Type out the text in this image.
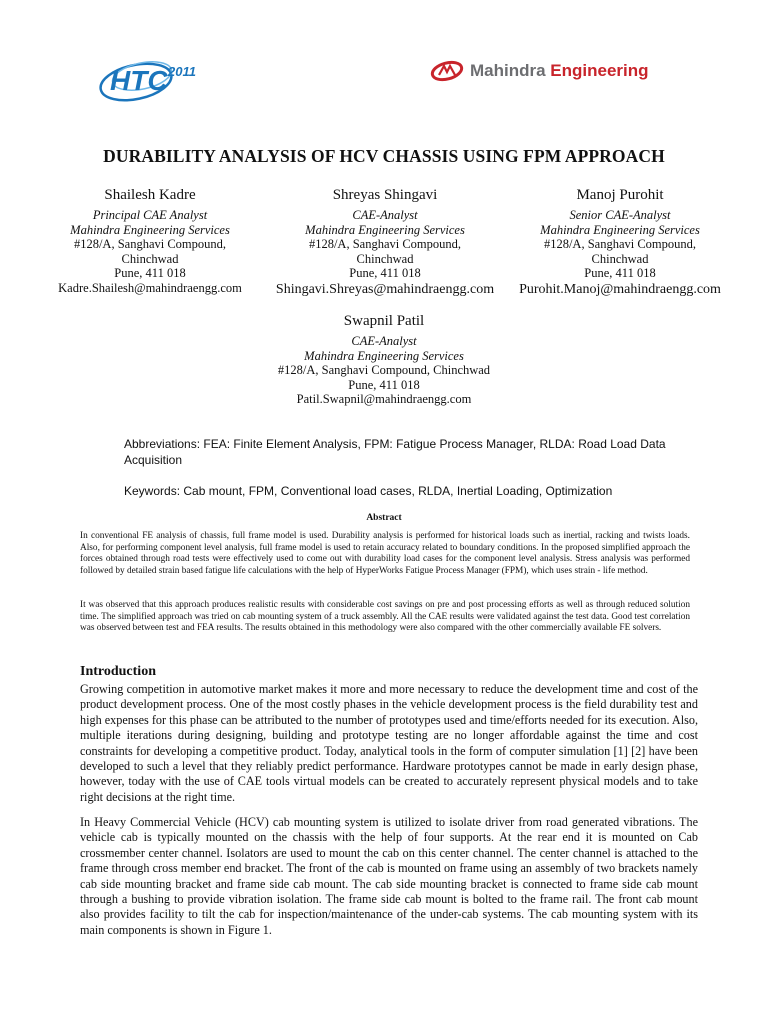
HTC 2011	Mahindra Engineering
DURABILITY ANALYSIS OF HCV CHASSIS USING FPM APPROACH
Shailesh Kadre
Principal CAE Analyst
Mahindra Engineering Services
#128/A, Sanghavi Compound,
Chinchwad
Pune, 411 018
Kadre.Shailesh@mahindraengg.com
Shreyas Shingavi
CAE-Analyst
Mahindra Engineering Services
#128/A, Sanghavi Compound,
Chinchwad
Pune, 411 018
Shingavi.Shreyas@mahindraengg.com
Manoj Purohit
Senior CAE-Analyst
Mahindra Engineering Services
#128/A, Sanghavi Compound,
Chinchwad
Pune, 411 018
Purohit.Manoj@mahindraengg.com
Swapnil Patil
CAE-Analyst
Mahindra Engineering Services
#128/A, Sanghavi Compound, Chinchwad
Pune, 411 018
Patil.Swapnil@mahindraengg.com
Abbreviations: FEA: Finite Element Analysis, FPM: Fatigue Process Manager, RLDA: Road Load Data Acquisition
Keywords: Cab mount, FPM, Conventional load cases, RLDA, Inertial Loading, Optimization
Abstract
In conventional FE analysis of chassis, full frame model is used. Durability analysis is performed for historical loads such as inertial, racking and twists loads. Also, for performing component level analysis, full frame model is used to retain accuracy related to boundary conditions. In the proposed simplified approach the forces obtained through road tests were effectively used to come out with durability load cases for the component level analysis. Stress analysis was performed followed by detailed strain based fatigue life calculations with the help of HyperWorks Fatigue Process Manager (FPM), which uses strain - life method.
It was observed that this approach produces realistic results with considerable cost savings on pre and post processing efforts as well as through reduced solution time. The simplified approach was tried on cab mounting system of a truck assembly. All the CAE results were validated against the test data. Good test correlation was observed between test and FEA results. The results obtained in this methodology were also compared with the other commercially available FE solvers.
Introduction
Growing competition in automotive market makes it more and more necessary to reduce the development time and cost of the product development process. One of the most costly phases in the vehicle development process is the field durability test and high expenses for this phase can be attributed to the number of prototypes used and time/efforts needed for its execution. Also, multiple iterations during designing, building and prototype testing are no longer affordable against the time and cost constraints for developing a competitive product. Today, analytical tools in the form of computer simulation [1] [2] have been developed to such a level that they reliably predict performance. Hardware prototypes cannot be made in early design phase, however, today with the use of CAE tools virtual models can be created to accurately represent physical models and to take right decisions at the right time.
In Heavy Commercial Vehicle (HCV) cab mounting system is utilized to isolate driver from road generated vibrations. The vehicle cab is typically mounted on the chassis with the help of four supports. At the rear end it is mounted on Cab crossmember center channel. Isolators are used to mount the cab on this center channel. The center channel is attached to the frame through cross member end bracket. The front of the cab is mounted on frame using an assembly of two brackets namely cab side mounting bracket and frame side cab mount. The cab side mounting bracket is connected to frame side cab mount through a bushing to provide vibration isolation. The frame side cab mount is bolted to the frame rail. The front cab mount also provides facility to tilt the cab for inspection/maintenance of the under-cab systems. The cab mounting system with its main components is shown in Figure 1.
